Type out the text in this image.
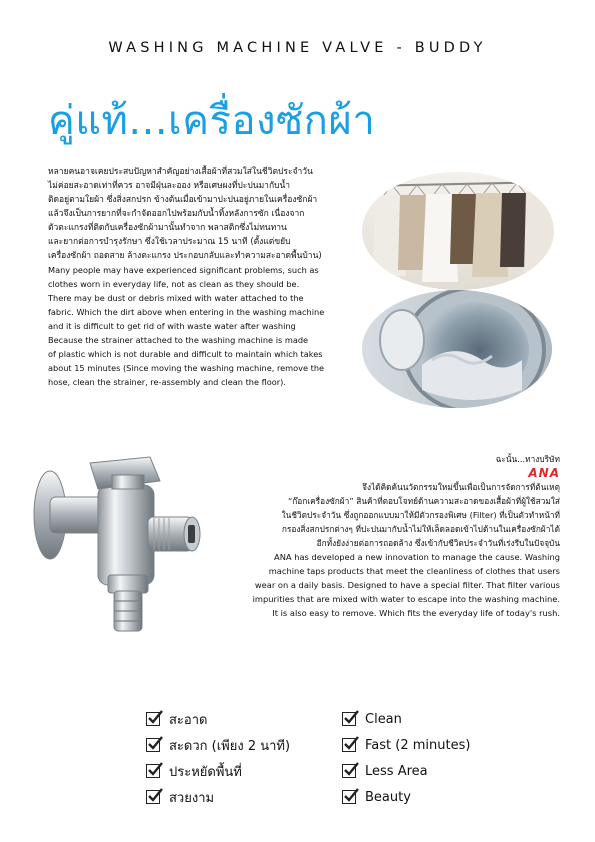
WASHING MACHINE VALVE - BUDDY
คู่แท้...เครื่องซักผ้า
หลายคนอาจเคยประสบปัญหาสำคัญอย่างเสื้อผ้าที่สวมใส่ในชีวิตประจำวัน
ไม่ค่อยสะอาดเท่าที่ควร อาจมีฝุ่นละออง หรือเศษผงที่ปะปนมากับน้ำ
ติดอยู่ตามใยผ้า ซึ่งสิ่งสกปรก ข้างต้นเมื่อเข้ามาปะปนอยู่ภายในเครื่องซักผ้า
แล้วจึงเป็นการยากที่จะกำจัดออกไปพร้อมกับน้ำทิ้งหลังการซัก เนื่องจาก
ตัวตะแกรงที่ติดกับเครื่องซักผ้ามานั้นทำจาก พลาสติกซึ่งไม่ทนทาน
และยากต่อการบำรุงรักษา ซึ่งใช้เวลาประมาณ 15 นาที (ตั้งแต่ขยับ
เครื่องซักผ้า ถอดสาย ล้างตะแกรง ประกอบกลับและทำความสะอาดพื้นบ้าน)
Many people may have experienced significant problems, such as
clothes worn in everyday life, not as clean as they should be.
There may be dust or debris mixed with water attached to the
fabric. Which the dirt above when entering in the washing machine
and it is difficult to get rid of with waste water after washing
Because the strainer attached to the washing machine is made
of plastic which is not durable and difficult to maintain which takes
about 15 minutes (Since moving the washing machine, remove the
hose, clean the strainer, re-assembly and clean the floor).
ฉะนั้น...ทางบริษัท
ANA
จึงได้คิดค้นนวัตกรรมใหม่ขึ้นเพื่อเป็นการจัดการที่ต้นเหตุ
“ก๊อกเครื่องซักผ้า” สินค้าที่ตอบโจทย์ด้านความสะอาดของเสื้อผ้าที่ผู้ใช้สวมใส่
ในชีวิตประจำวัน ซึ่งถูกออกแบบมาให้มีตัวกรองพิเศษ (Filter) ที่เป็นตัวทำหน้าที่
กรองสิ่งสกปรกต่างๆ ที่ปะปนมากับน้ำไม่ให้เล็ดลอดเข้าไปด้านในเครื่องซักผ้าได้
อีกทั้งยังง่ายต่อการถอดล้าง ซึ่งเข้ากับชีวิตประจำวันที่เร่งรีบในปัจจุบัน
ANA has developed a new innovation to manage the cause. Washing
machine taps products that meet the cleanliness of clothes that users
wear on a daily basis. Designed to have a special filter. That filter various
impurities that are mixed with water to escape into the washing machine.
It is also easy to remove. Which fits the everyday life of today's rush.
สะอาด
สะดวก (เพียง 2 นาที)
ประหยัดพื้นที่
สวยงาม
Clean
Fast (2 minutes)
Less Area
Beauty
